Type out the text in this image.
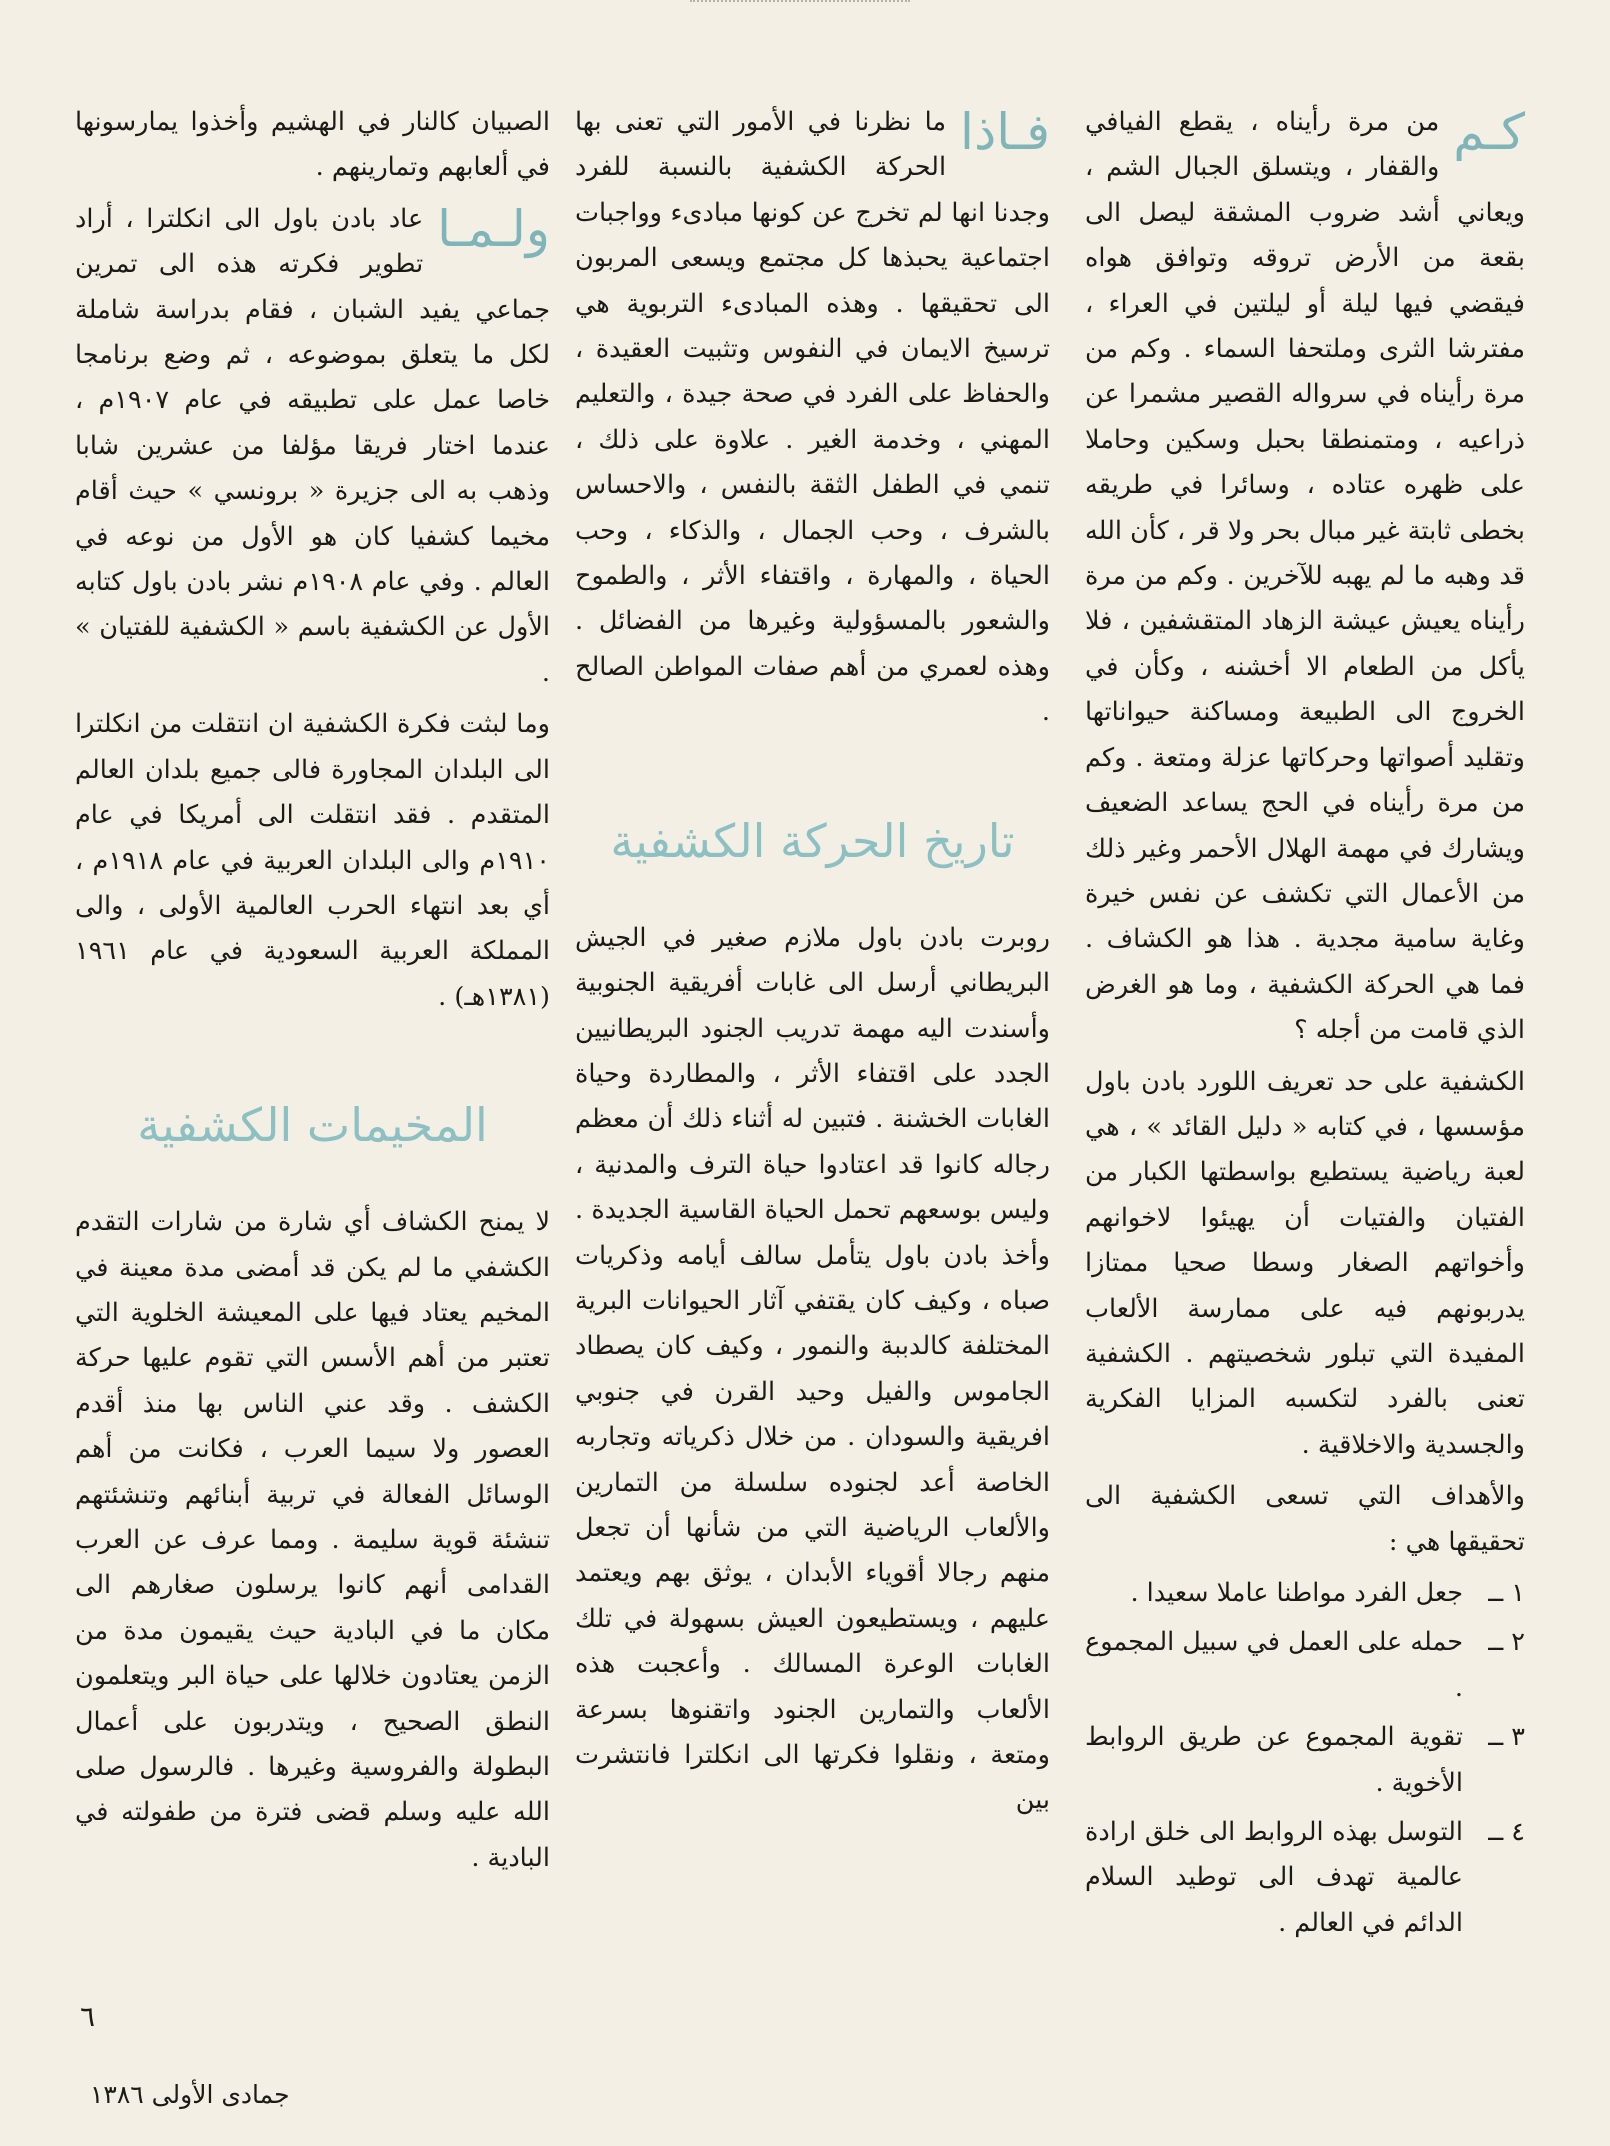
كـم
من مرة رأيناه ، يقطع الفيافي والقفار ، ويتسلق الجبال الشم ، ويعاني أشد ضروب المشقة ليصل الى بقعة من الأرض تروقه وتوافق هواه فيقضي فيها ليلة أو ليلتين في العراء ، مفترشا الثرى وملتحفا السماء . وكم من مرة رأيناه في سرواله القصير مشمرا عن ذراعيه ، ومتمنطقا بحبل وسكين وحاملا على ظهره عتاده ، وسائرا في طريقه بخطى ثابتة غير مبال بحر ولا قر ، كأن الله قد وهبه ما لم يهبه للآخرين . وكم من مرة رأيناه يعيش عيشة الزهاد المتقشفين ، فلا يأكل من الطعام الا أخشنه ، وكأن في الخروج الى الطبيعة ومساكنة حيواناتها وتقليد أصواتها وحركاتها عزلة ومتعة . وكم من مرة رأيناه في الحج يساعد الضعيف ويشارك في مهمة الهلال الأحمر وغير ذلك من الأعمال التي تكشف عن نفس خيرة وغاية سامية مجدية . هذا هو الكشاف . فما هي الحركة الكشفية ، وما هو الغرض الذي قامت من أجله ؟

الكشفية على حد تعريف اللورد بادن باول مؤسسها ، في كتابه « دليل القائد » ، هي لعبة رياضية يستطيع بواسطتها الكبار من الفتيان والفتيات أن يهيئوا لاخوانهم وأخواتهم الصغار وسطا صحيا ممتازا يدربونهم فيه على ممارسة الألعاب المفيدة التي تبلور شخصيتهم . الكشفية تعنى بالفرد لتكسبه المزايا الفكرية والجسدية والاخلاقية .

والأهداف التي تسعى الكشفية الى تحقيقها هي :

١ ــ
جعل الفرد مواطنا عاملا سعيدا .
٢ ــ
حمله على العمل في سبيل المجموع .
٣ ــ
تقوية المجموع عن طريق الروابط الأخوية .
٤ ــ
التوسل بهذه الروابط الى خلق ارادة عالمية تهدف الى توطيد السلام الدائم في العالم .

فـاذا
ما نظرنا في الأمور التي تعنى بها الحركة الكشفية بالنسبة للفرد وجدنا انها لم تخرج عن كونها مبادىء وواجبات اجتماعية يحبذها كل مجتمع ويسعى المربون الى تحقيقها . وهذه المبادىء التربوية هي ترسيخ الايمان في النفوس وتثبيت العقيدة ، والحفاظ على الفرد في صحة جيدة ، والتعليم المهني ، وخدمة الغير . علاوة على ذلك ، تنمي في الطفل الثقة بالنفس ، والاحساس بالشرف ، وحب الجمال ، والذكاء ، وحب الحياة ، والمهارة ، واقتفاء الأثر ، والطموح والشعور بالمسؤولية وغيرها من الفضائل . وهذه لعمري من أهم صفات المواطن الصالح .

تاريخ الحركة الكشفية

روبرت بادن باول ملازم صغير في الجيش البريطاني أرسل الى غابات أفريقية الجنوبية وأسندت اليه مهمة تدريب الجنود البريطانيين الجدد على اقتفاء الأثر ، والمطاردة وحياة الغابات الخشنة . فتبين له أثناء ذلك أن معظم رجاله كانوا قد اعتادوا حياة الترف والمدنية ، وليس بوسعهم تحمل الحياة القاسية الجديدة . وأخذ بادن باول يتأمل سالف أيامه وذكريات صباه ، وكيف كان يقتفي آثار الحيوانات البرية المختلفة كالدببة والنمور ، وكيف كان يصطاد الجاموس والفيل وحيد القرن في جنوبي افريقية والسودان . من خلال ذكرياته وتجاربه الخاصة أعد لجنوده سلسلة من التمارين والألعاب الرياضية التي من شأنها أن تجعل منهم رجالا أقوياء الأبدان ، يوثق بهم ويعتمد عليهم ، ويستطيعون العيش بسهولة في تلك الغابات الوعرة المسالك . وأعجبت هذه الألعاب والتمارين الجنود واتقنوها بسرعة ومتعة ، ونقلوا فكرتها الى انكلترا فانتشرت بين

الصبيان كالنار في الهشيم وأخذوا يمارسونها في ألعابهم وتمارينهم .

ولـمـا
عاد بادن باول الى انكلترا ، أراد تطوير فكرته هذه الى تمرين جماعي يفيد الشبان ، فقام بدراسة شاملة لكل ما يتعلق بموضوعه ، ثم وضع برنامجا خاصا عمل على تطبيقه في عام ١٩٠٧م ، عندما اختار فريقا مؤلفا من عشرين شابا وذهب به الى جزيرة « برونسي » حيث أقام مخيما كشفيا كان هو الأول من نوعه في العالم . وفي عام ١٩٠٨م نشر بادن باول كتابه الأول عن الكشفية باسم « الكشفية للفتيان » .

وما لبثت فكرة الكشفية ان انتقلت من انكلترا الى البلدان المجاورة فالى جميع بلدان العالم المتقدم . فقد انتقلت الى أمريكا في عام ١٩١٠م والى البلدان العربية في عام ١٩١٨م ، أي بعد انتهاء الحرب العالمية الأولى ، والى المملكة العربية السعودية في عام ١٩٦١ (١٣٨١هـ) .

المخيمات الكشفية

لا يمنح الكشاف أي شارة من شارات التقدم الكشفي ما لم يكن قد أمضى مدة معينة في المخيم يعتاد فيها على المعيشة الخلوية التي تعتبر من أهم الأسس التي تقوم عليها حركة الكشف . وقد عني الناس بها منذ أقدم العصور ولا سيما العرب ، فكانت من أهم الوسائل الفعالة في تربية أبنائهم وتنشئتهم تنشئة قوية سليمة . ومما عرف عن العرب القدامى أنهم كانوا يرسلون صغارهم الى مكان ما في البادية حيث يقيمون مدة من الزمن يعتادون خلالها على حياة البر ويتعلمون النطق الصحيح ، ويتدربون على أعمال البطولة والفروسية وغيرها . فالرسول صلى الله عليه وسلم قضى فترة من طفولته في البادية .

٦
جمادى الأولى ١٣٨٦
